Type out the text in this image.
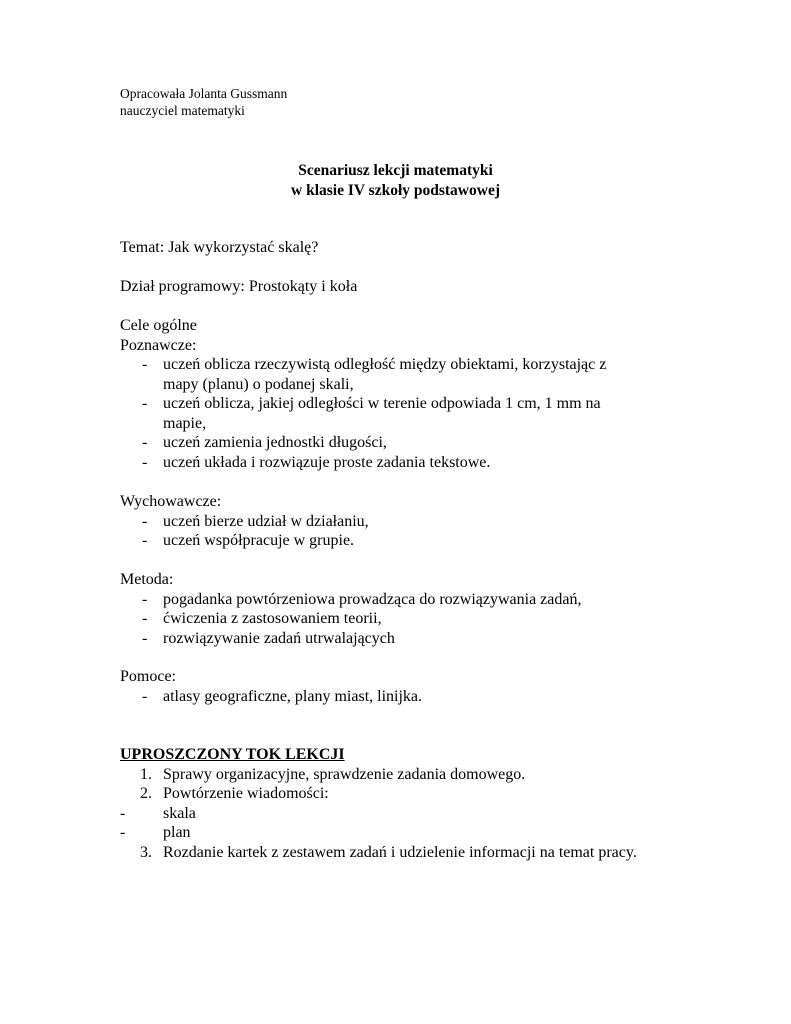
Opracowała Jolanta Gussmann
nauczyciel matematyki
Scenariusz lekcji matematyki
w klasie IV szkoły podstawowej
Temat: Jak wykorzystać skalę?
Dział programowy: Prostokąty i koła
Cele ogólne
Poznawcze:
- uczeń oblicza rzeczywistą odległość między obiektami, korzystając z
mapy (planu) o podanej skali,
- uczeń oblicza, jakiej odległości w terenie odpowiada 1 cm, 1 mm na
mapie,
- uczeń zamienia jednostki długości,
- uczeń układa i rozwiązuje proste zadania tekstowe.
Wychowawcze:
- uczeń bierze udział w działaniu,
- uczeń współpracuje w grupie.
Metoda:
- pogadanka powtórzeniowa prowadząca do rozwiązywania zadań,
- ćwiczenia z zastosowaniem teorii,
- rozwiązywanie zadań utrwalających
Pomoce:
- atlasy geograficzne, plany miast, linijka.
UPROSZCZONY TOK LEKCJI
1. Sprawy organizacyjne, sprawdzenie zadania domowego.
2. Powtórzenie wiadomości:
- skala
- plan
3. Rozdanie kartek z zestawem zadań i udzielenie informacji na temat pracy.
